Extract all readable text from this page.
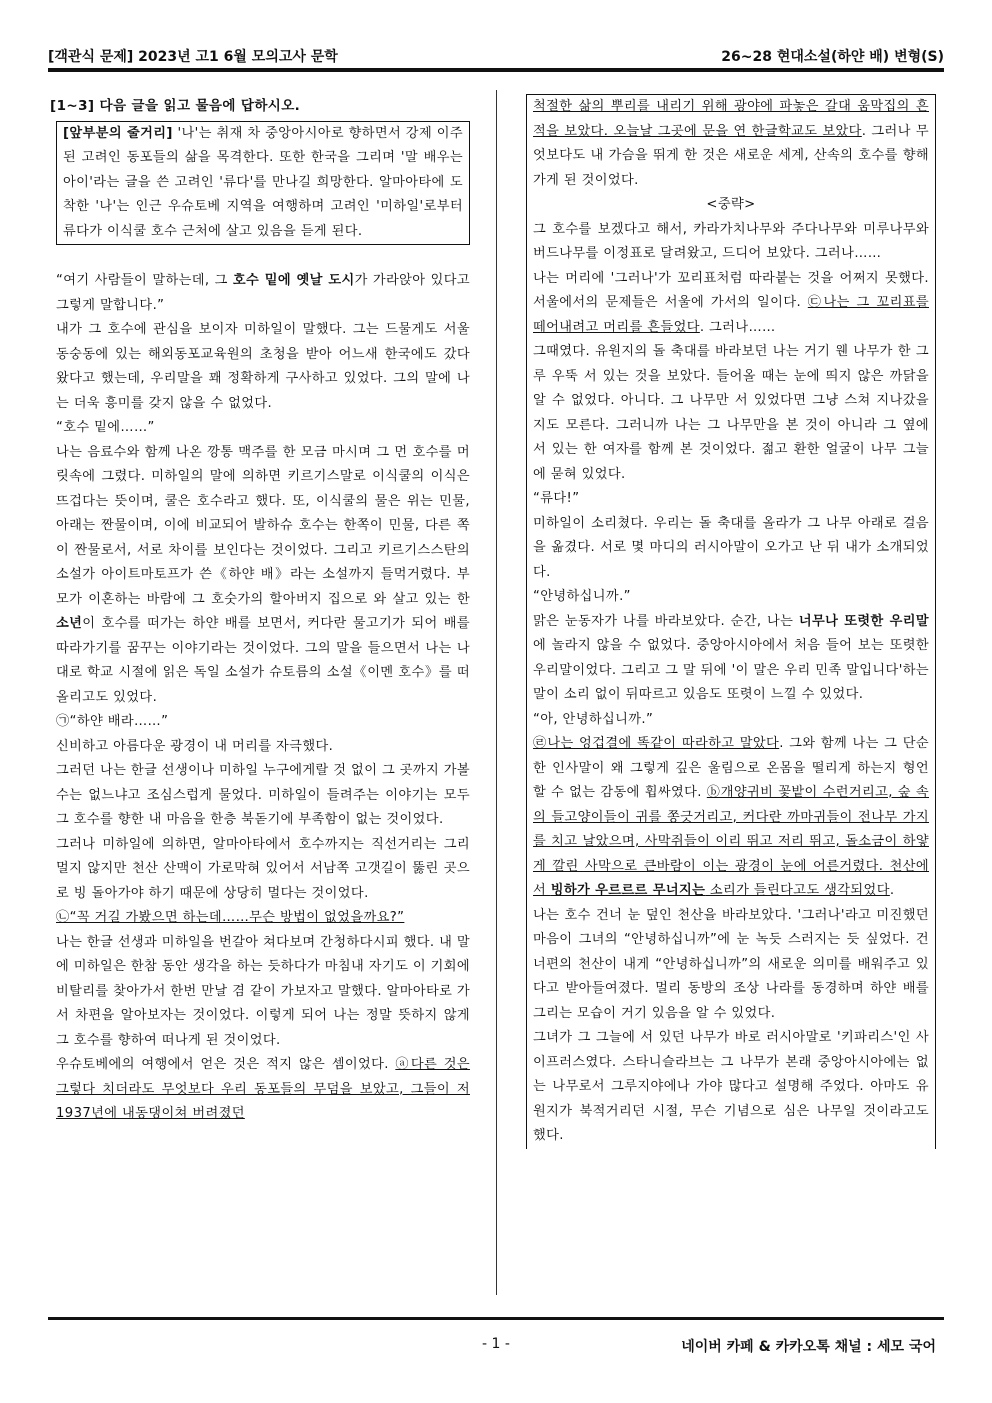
[객관식 문제] 2023년 고1 6월 모의고사 문학	26~28 현대소설(하얀 배) 변형(S)

[1~3] 다음 글을 읽고 물음에 답하시오.

[앞부분의 줄거리] '나'는 취재 차 중앙아시아로 향하면서 강제 이주된 고려인 동포들의 삶을 목격한다. 또한 한국을 그리며 '말 배우는 아이'라는 글을 쓴 고려인 '류다'를 만나길 희망한다. 알마아타에 도착한 '나'는 인근 우슈토베 지역을 여행하며 고려인 '미하일'로부터 류다가 이식쿨 호수 근처에 살고 있음을 듣게 된다.

“여기 사람들이 말하는데, 그 호수 밑에 옛날 도시가 가라앉아 있다고 그렇게 말합니다.”

내가 그 호수에 관심을 보이자 미하일이 말했다. 그는 드물게도 서울 동숭동에 있는 해외동포교육원의 초청을 받아 어느새 한국에도 갔다 왔다고 했는데, 우리말을 꽤 정확하게 구사하고 있었다. 그의 말에 나는 더욱 흥미를 갖지 않을 수 없었다.

“호수 밑에……”

나는 음료수와 함께 나온 깡통 맥주를 한 모금 마시며 그 먼 호수를 머릿속에 그렸다. 미하일의 말에 의하면 키르기스말로 이식쿨의 이식은 뜨겁다는 뜻이며, 쿨은 호수라고 했다. 또, 이식쿨의 물은 위는 민물, 아래는 짠물이며, 이에 비교되어 발하슈 호수는 한쪽이 민물, 다른 쪽이 짠물로서, 서로 차이를 보인다는 것이었다. 그리고 키르기스스탄의 소설가 아이트마토프가 쓴《하얀 배》라는 소설까지 들먹거렸다. 부모가 이혼하는 바람에 그 호숫가의 할아버지 집으로 와 살고 있는 한 소년이 호수를 떠가는 하얀 배를 보면서, 커다란 물고기가 되어 배를 따라가기를 꿈꾸는 이야기라는 것이었다. 그의 말을 들으면서 나는 나대로 학교 시절에 읽은 독일 소설가 슈토름의 소설《이멘 호수》를 떠올리고도 있었다.

㉠“하얀 배라……”

신비하고 아름다운 광경이 내 머리를 자극했다.

그러던 나는 한글 선생이나 미하일 누구에게랄 것 없이 그 곳까지 가볼 수는 없느냐고 조심스럽게 물었다. 미하일이 들려주는 이야기는 모두 그 호수를 향한 내 마음을 한층 북돋기에 부족함이 없는 것이었다.

그러나 미하일에 의하면, 알마아타에서 호수까지는 직선거리는 그리 멀지 않지만 천산 산맥이 가로막혀 있어서 서남쪽 고갯길이 뚫린 곳으로 빙 돌아가야 하기 때문에 상당히 멀다는 것이었다.

㉡“꼭 거길 가봤으면 하는데……무슨 방법이 없었을까요?”

나는 한글 선생과 미하일을 번갈아 쳐다보며 간청하다시피 했다. 내 말에 미하일은 한참 동안 생각을 하는 듯하다가 마침내 자기도 이 기회에 비탈리를 찾아가서 한번 만날 겸 같이 가보자고 말했다. 알마아타로 가서 차편을 알아보자는 것이었다. 이렇게 되어 나는 정말 뜻하지 않게 그 호수를 향하여 떠나게 된 것이었다.

우슈토베에의 여행에서 얻은 것은 적지 않은 셈이었다. ⓐ다른 것은 그렇다 치더라도 무엇보다 우리 동포들의 무덤을 보았고, 그들이 저 1937년에 내동댕이쳐 버려졌던

척절한 삶의 뿌리를 내리기 위해 광야에 파놓은 갈대 움막집의 흔적을 보았다. 오늘날 그곳에 문을 연 한글학교도 보았다. 그러나 무엇보다도 내 가슴을 뛰게 한 것은 새로운 세계, 산속의 호수를 향해 가게 된 것이었다.

<중략>

그 호수를 보겠다고 해서, 카라가치나무와 주다나무와 미루나무와 버드나무를 이정표로 달려왔고, 드디어 보았다. 그러나……

나는 머리에 '그러나'가 꼬리표처럼 따라붙는 것을 어쩌지 못했다. 서울에서의 문제들은 서울에 가서의 일이다. ㉢나는 그 꼬리표를 떼어내려고 머리를 흔들었다. 그러나……

그때였다. 유원지의 돌 축대를 바라보던 나는 거기 웬 나무가 한 그루 우뚝 서 있는 것을 보았다. 들어올 때는 눈에 띄지 않은 까닭을 알 수 없었다. 아니다. 그 나무만 서 있었다면 그냥 스쳐 지나갔을지도 모른다. 그러니까 나는 그 나무만을 본 것이 아니라 그 옆에 서 있는 한 여자를 함께 본 것이었다. 젊고 환한 얼굴이 나무 그늘에 묻혀 있었다.

“류다!”

미하일이 소리쳤다. 우리는 돌 축대를 올라가 그 나무 아래로 걸음을 옮겼다. 서로 몇 마디의 러시아말이 오가고 난 뒤 내가 소개되었다.

“안녕하십니까.”

맑은 눈동자가 나를 바라보았다. 순간, 나는 너무나 또렷한 우리말에 놀라지 않을 수 없었다. 중앙아시아에서 처음 들어 보는 또렷한 우리말이었다. 그리고 그 말 뒤에 '이 말은 우리 민족 말입니다'하는 말이 소리 없이 뒤따르고 있음도 또렷이 느낄 수 있었다.

“아, 안녕하십니까.”

㉣나는 엉겁결에 똑같이 따라하고 말았다. 그와 함께 나는 그 단순한 인사말이 왜 그렇게 깊은 울림으로 온몸을 떨리게 하는지 형언할 수 없는 감동에 휩싸였다. ⓑ개양귀비 꽃밭이 수런거리고, 숲 속의 들고양이들이 귀를 쫑긋거리고, 커다란 까마귀들이 전나무 가지를 치고 날았으며, 사막쥐들이 이리 뛰고 저리 뛰고, 돌소금이 하얗게 깔린 사막으로 큰바람이 이는 광경이 눈에 어른거렸다. 천산에서 빙하가 우르르르 무너지는 소리가 들린다고도 생각되었다.

나는 호수 건너 눈 덮인 천산을 바라보았다. '그러나'라고 미진했던 마음이 그녀의 “안녕하십니까”에 눈 녹듯 스러지는 듯 싶었다. 건너편의 천산이 내게 “안녕하십니까”의 새로운 의미를 배워주고 있다고 받아들여졌다. 멀리 동방의 조상 나라를 동경하며 하얀 배를 그리는 모습이 거기 있음을 알 수 있었다.

그녀가 그 그늘에 서 있던 나무가 바로 러시아말로 '키파리스'인 사이프러스였다. 스타니슬라브는 그 나무가 본래 중앙아시아에는 없는 나무로서 그루지야에나 가야 많다고 설명해 주었다. 아마도 유원지가 북적거리던 시절, 무슨 기념으로 심은 나무일 것이라고도 했다.

- 1 -	네이버 카페 & 카카오톡 채널 : 세모 국어
